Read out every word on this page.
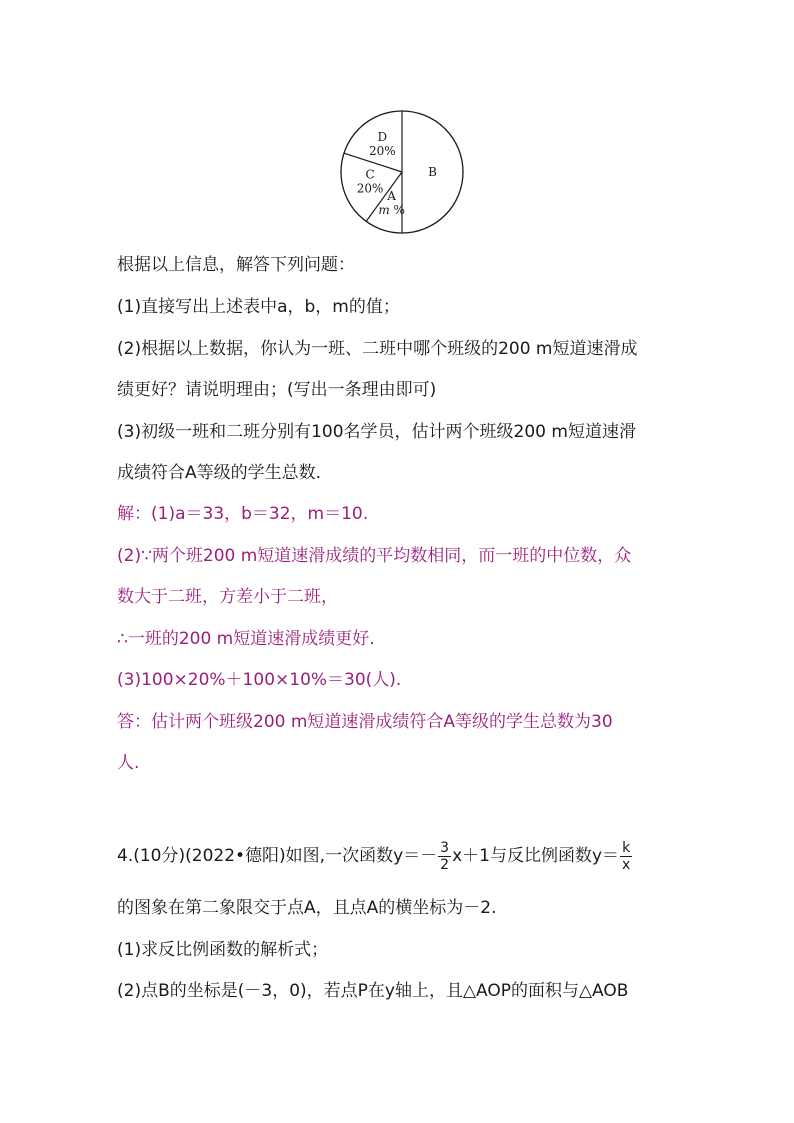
B
A
m %
C
20%
D
20%
根据以上信息，解答下列问题：
(1)直接写出上述表中a，b，m的值；
(2)根据以上数据，你认为一班、二班中哪个班级的200 m短道速滑成
绩更好？请说明理由；(写出一条理由即可)
(3)初级一班和二班分别有100名学员，估计两个班级200 m短道速滑
成绩符合A等级的学生总数.
解：(1)a＝33，b＝32，m＝10.
(2)∵两个班200 m短道速滑成绩的平均数相同，而一班的中位数，众
数大于二班，方差小于二班，
∴一班的200 m短道速滑成绩更好.
(3)100×20%＋100×10%＝30(人).
答：估计两个班级200 m短道速滑成绩符合A等级的学生总数为30
人.
4.(10分)(2022•德阳)如图,一次函数$y=- \frac{3}{2} x+1$与反比例函数$y= \frac{k}{x}$
的图象在第二象限交于点A，且点A的横坐标为－2.
(1)求反比例函数的解析式；
(2)点B的坐标是(－3，0)，若点P在y轴上，且△AOP的面积与△AOB
